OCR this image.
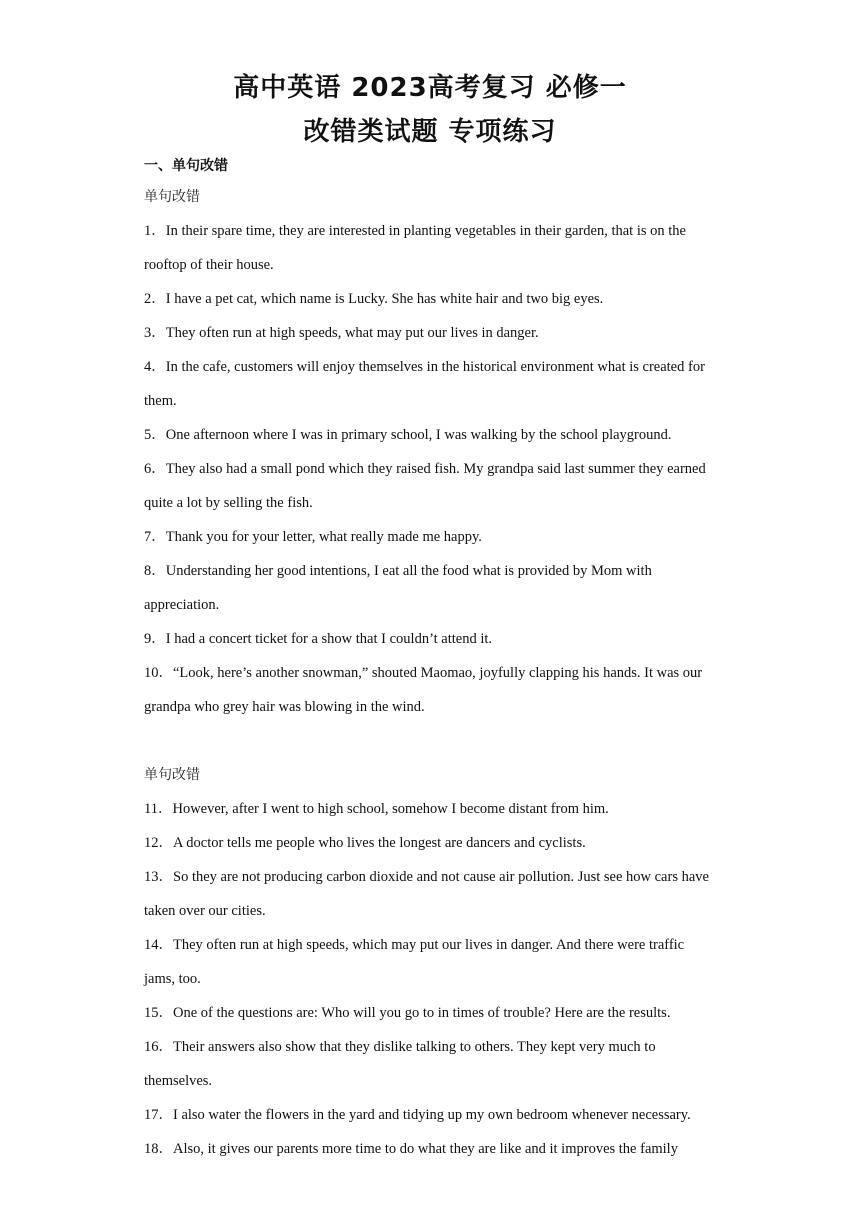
高中英语 2023高考复习 必修一
改错类试题 专项练习
一、单句改错
单句改错
1．In their spare time, they are interested in planting vegetables in their garden, that is on the rooftop of their house.
2．I have a pet cat, which name is Lucky. She has white hair and two big eyes.
3．They often run at high speeds, what may put our lives in danger.
4．In the cafe, customers will enjoy themselves in the historical environment what is created for them.
5．One afternoon where I was in primary school, I was walking by the school playground.
6．They also had a small pond which they raised fish. My grandpa said last summer they earned quite a lot by selling the fish.
7．Thank you for your letter, what really made me happy.
8．Understanding her good intentions, I eat all the food what is provided by Mom with appreciation.
9．I had a concert ticket for a show that I couldn’t attend it.
10．“Look, here’s another snowman,” shouted Maomao, joyfully clapping his hands. It was our grandpa who grey hair was blowing in the wind.
单句改错
11．However, after I went to high school, somehow I become distant from him.
12．A doctor tells me people who lives the longest are dancers and cyclists.
13．So they are not producing carbon dioxide and not cause air pollution. Just see how cars have taken over our cities.
14．They often run at high speeds, which may put our lives in danger. And there were traffic jams, too.
15．One of the questions are: Who will you go to in times of trouble? Here are the results.
16．Their answers also show that they dislike talking to others. They kept very much to themselves.
17．I also water the flowers in the yard and tidying up my own bedroom whenever necessary.
18．Also, it gives our parents more time to do what they are like and it improves the family
